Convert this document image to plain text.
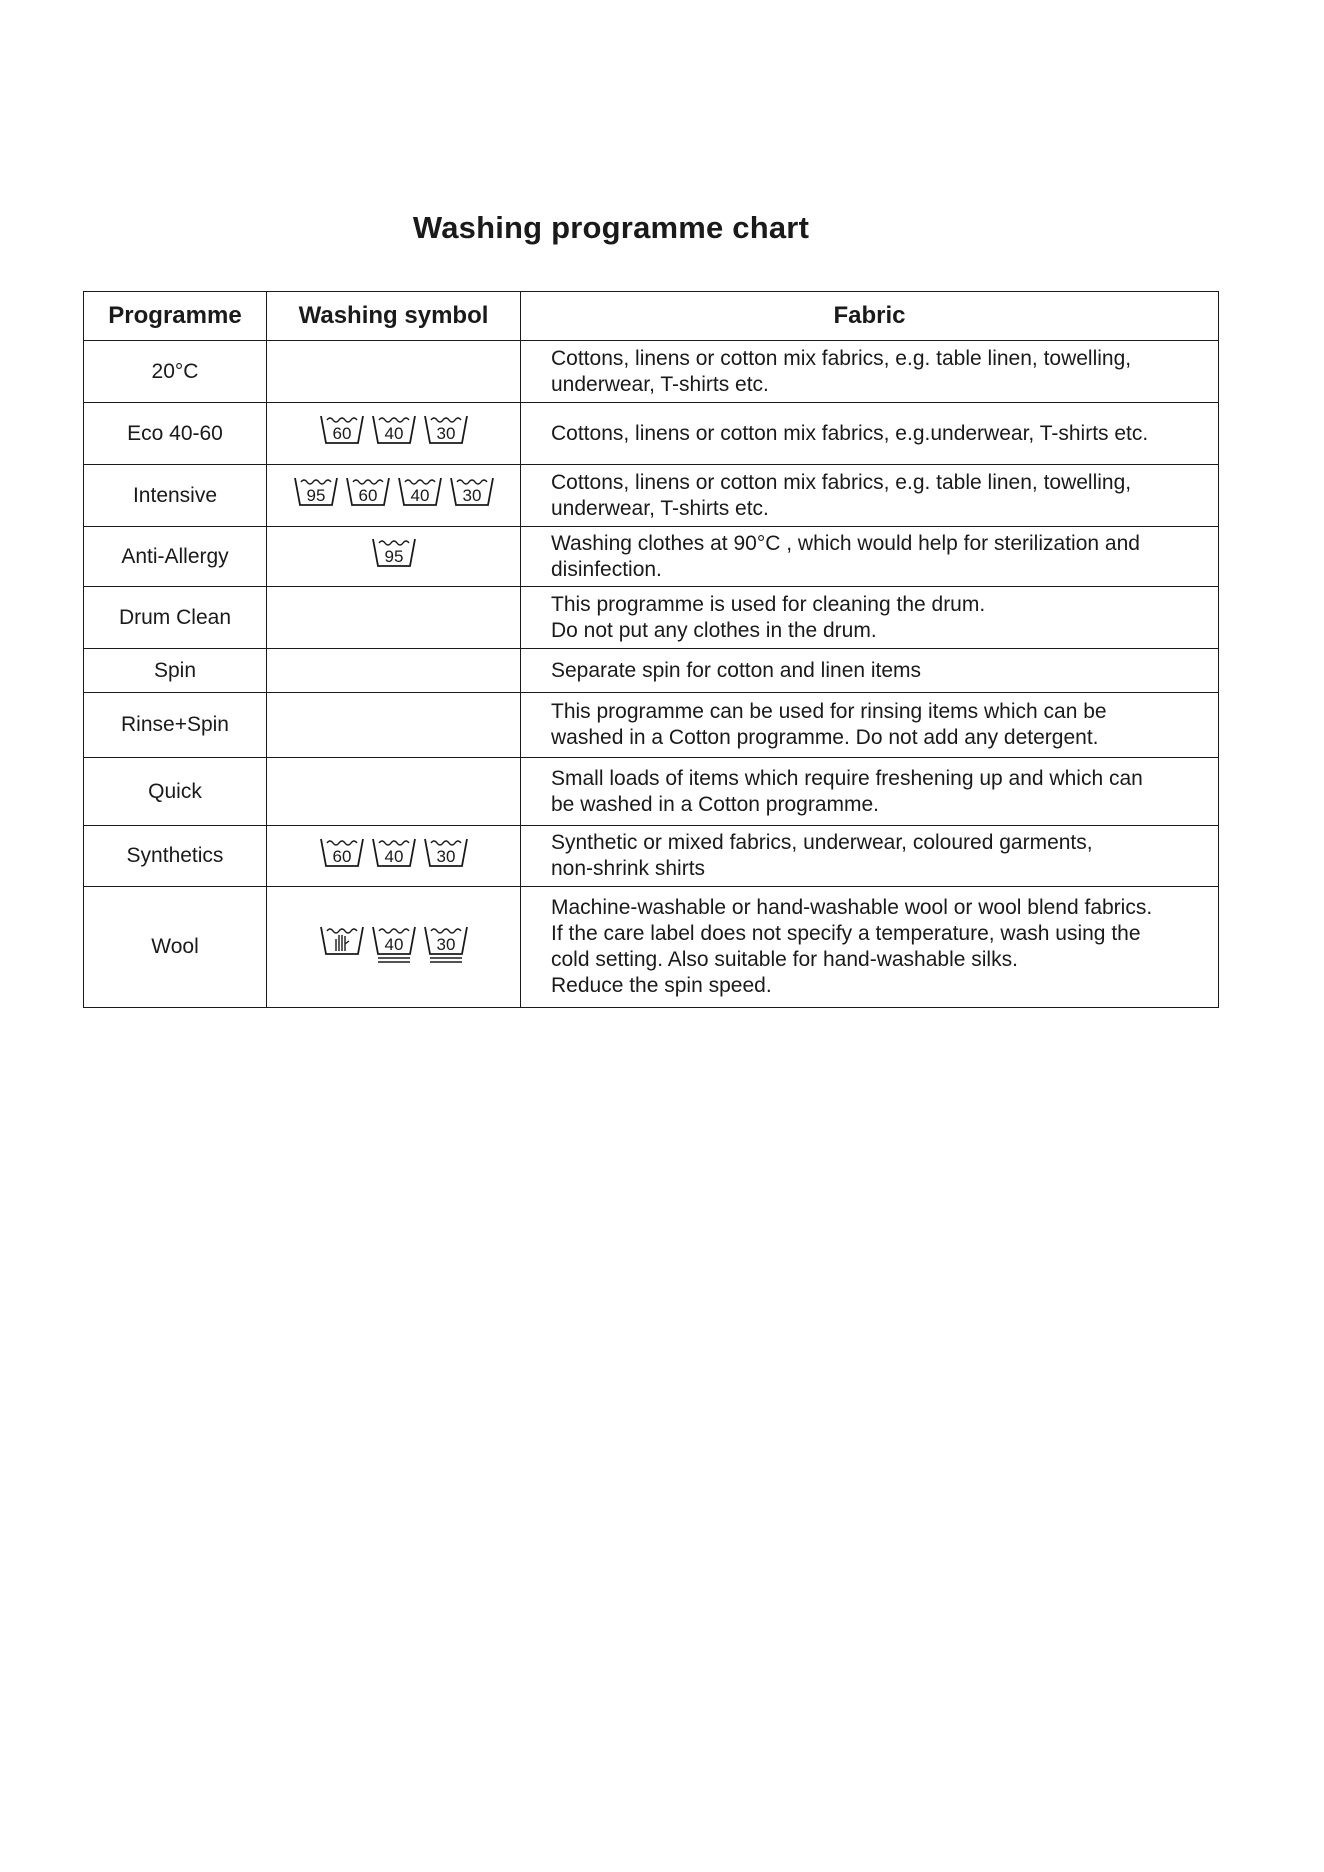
Washing programme chart
Programme	Washing symbol	Fabric
20°C		Cottons, linens or cotton mix fabrics, e.g. table linen, towelling,
underwear, T-shirts etc.

Eco 40-60	60 40 30	Cottons, linens or cotton mix fabrics, e.g.underwear, T-shirts etc.

Intensive	95 60 40 30	Cottons, linens or cotton mix fabrics, e.g. table linen, towelling,
underwear, T-shirts etc.

Anti-Allergy	95	Washing clothes at 90°C , which would help for sterilization and
disinfection.

Drum Clean		This programme is used for cleaning the drum.
Do not put any clothes in the drum.

Spin		Separate spin for cotton and linen items

Rinse+Spin		This programme can be used for rinsing items which can be
washed in a Cotton programme. Do not add any detergent.

Quick		Small loads of items which require freshening up and which can
be washed in a Cotton programme.

Synthetics	60 40 30	Synthetic or mixed fabrics, underwear, coloured garments,
non-shrink shirts

Wool	40 30	Machine-washable or hand-washable wool or wool blend fabrics.
If the care label does not specify a temperature, wash using the
cold setting. Also suitable for hand-washable silks.
Reduce the spin speed.
